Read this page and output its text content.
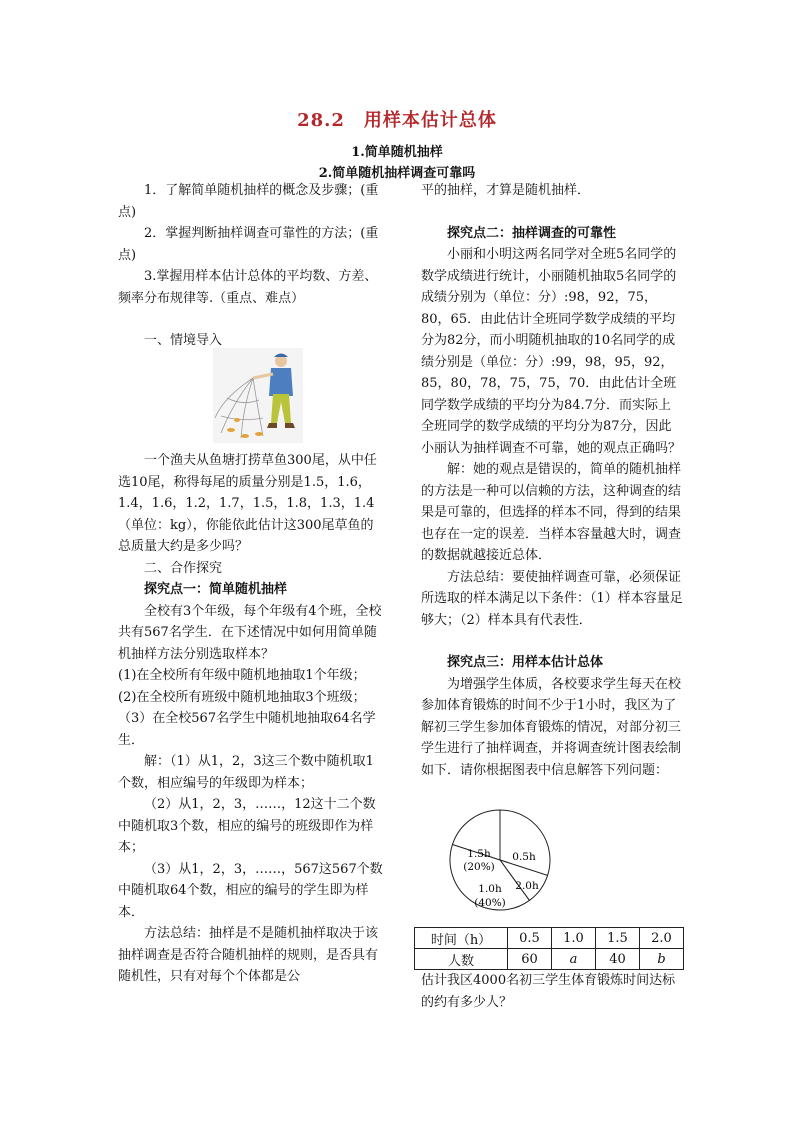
28.2　用样本估计总体
1.简单随机抽样
2.简单随机抽样调查可靠吗

1．了解简单随机抽样的概念及步骤；(重点)

2．掌握判断抽样调查可靠性的方法；(重点)

3.掌握用样本估计总体的平均数、方差、频率分布规律等.（重点、难点）

一、情境导入

一个渔夫从鱼塘打捞草鱼300尾，从中任选10尾，称得每尾的质量分别是1.5，1.6，1.4，1.6，1.2，1.7，1.5，1.8，1.3，1.4（单位：kg），你能依此估计这300尾草鱼的总质量大约是多少吗？

二、合作探究

探究点一：简单随机抽样

全校有3个年级，每个年级有4个班，全校共有567名学生．在下述情况中如何用简单随机抽样方法分别选取样本？

(1)在全校所有年级中随机地抽取1个年级；

(2)在全校所有班级中随机地抽取3个班级；

（3）在全校567名学生中随机地抽取64名学生．

解：（1）从1，2，3这三个数中随机取1个数，相应编号的年级即为样本；

（2）从1，2，3，……，12这十二个数中随机取3个数，相应的编号的班级即作为样本；

（3）从1，2，3，……，567这567个数中随机取64个数，相应的编号的学生即为样本．

方法总结：抽样是不是随机抽样取决于该抽样调查是否符合随机抽样的规则，是否具有随机性，只有对每个个体都是公

平的抽样，才算是随机抽样．

探究点二：抽样调查的可靠性

小丽和小明这两名同学对全班5名同学的数学成绩进行统计，小丽随机抽取5名同学的成绩分别为（单位：分）:98，92，75，80，65．由此估计全班同学数学成绩的平均分为82分，而小明随机抽取的10名同学的成绩分别是（单位：分）:99，98，95，92，85，80，78，75，75，70．由此估计全班同学数学成绩的平均分为84.7分．而实际上全班同学的数学成绩的平均分为87分，因此小丽认为抽样调查不可靠，她的观点正确吗？

解：她的观点是错误的，简单的随机抽样的方法是一种可以信赖的方法，这种调查的结果是可靠的，但选择的样本不同，得到的结果也存在一定的误差．当样本容量越大时，调查的数据就越接近总体．

方法总结：要使抽样调查可靠，必须保证所选取的样本满足以下条件：（1）样本容量足够大；（2）样本具有代表性．

探究点三：用样本估计总体

为增强学生体质，各校要求学生每天在校参加体育锻炼的时间不少于1小时，我区为了解初三学生参加体育锻炼的情况，对部分初三学生进行了抽样调查，并将调查统计图表绘制如下．请你根据图表中信息解答下列问题：

1.5h
(20%)
0.5h
2.0h
1.0h
(40%)
时间（h）	0.5	1.0	1.5	2.0
人数	60	a	40	b

估计我区4000名初三学生体育锻炼时间达标的约有多少人？
